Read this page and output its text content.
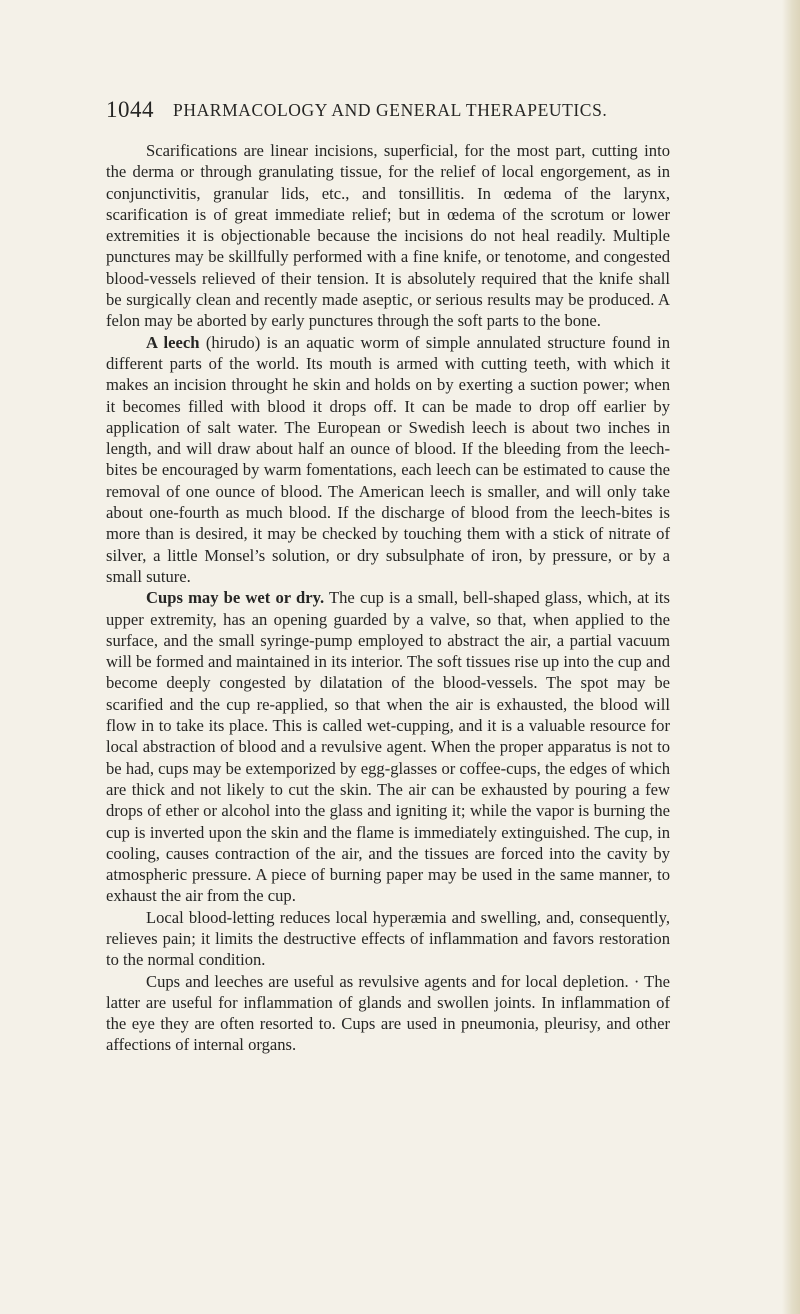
1044 PHARMACOLOGY AND GENERAL THERAPEUTICS.

Scarifications are linear incisions, superficial, for the most part, cutting into the derma or through granulating tissue, for the relief of local engorgement, as in conjunctivitis, granular lids, etc., and tonsillitis. In œdema of the larynx, scarification is of great immediate relief; but in œdema of the scrotum or lower extremities it is objectionable because the incisions do not heal readily. Multiple punctures may be skillfully performed with a fine knife, or tenotome, and congested blood-vessels relieved of their tension. It is absolutely required that the knife shall be surgically clean and recently made aseptic, or serious results may be produced. A felon may be aborted by early punctures through the soft parts to the bone.

A leech (hirudo) is an aquatic worm of simple annulated structure found in different parts of the world. Its mouth is armed with cutting teeth, with which it makes an incision throught he skin and holds on by exerting a suction power; when it becomes filled with blood it drops off. It can be made to drop off earlier by application of salt water. The European or Swedish leech is about two inches in length, and will draw about half an ounce of blood. If the bleeding from the leech-bites be encouraged by warm fomentations, each leech can be estimated to cause the removal of one ounce of blood. The American leech is smaller, and will only take about one-fourth as much blood. If the discharge of blood from the leech-bites is more than is desired, it may be checked by touching them with a stick of nitrate of silver, a little Monsel’s solution, or dry subsulphate of iron, by pressure, or by a small suture.

Cups may be wet or dry. The cup is a small, bell-shaped glass, which, at its upper extremity, has an opening guarded by a valve, so that, when applied to the surface, and the small syringe-pump employed to abstract the air, a partial vacuum will be formed and maintained in its interior. The soft tissues rise up into the cup and become deeply congested by dilatation of the blood-vessels. The spot may be scarified and the cup re-applied, so that when the air is exhausted, the blood will flow in to take its place. This is called wet-cupping, and it is a valuable resource for local abstraction of blood and a revulsive agent. When the proper apparatus is not to be had, cups may be extemporized by egg-glasses or coffee-cups, the edges of which are thick and not likely to cut the skin. The air can be exhausted by pouring a few drops of ether or alcohol into the glass and igniting it; while the vapor is burning the cup is inverted upon the skin and the flame is immediately extinguished. The cup, in cooling, causes contraction of the air, and the tissues are forced into the cavity by atmospheric pressure. A piece of burning paper may be used in the same manner, to exhaust the air from the cup.

Local blood-letting reduces local hyperæmia and swelling, and, consequently, relieves pain; it limits the destructive effects of inflammation and favors restoration to the normal condition.

Cups and leeches are useful as revulsive agents and for local depletion. · The latter are useful for inflammation of glands and swollen joints. In inflammation of the eye they are often resorted to. Cups are used in pneumonia, pleurisy, and other affections of internal organs.
